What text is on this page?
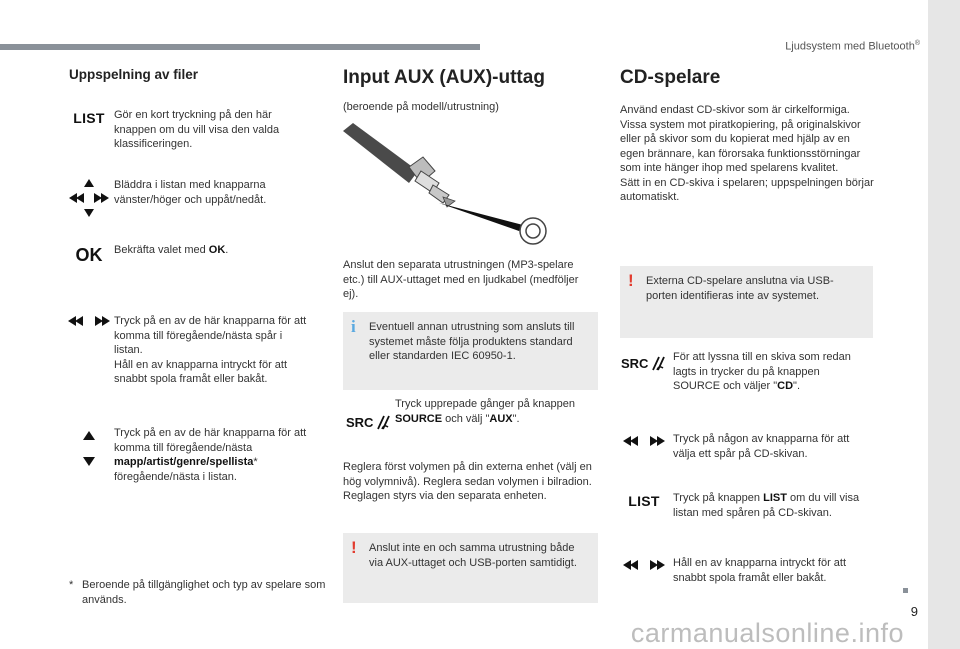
Ljudsystem med Bluetooth®
9
carmanualsonline.info
Uppspelning av filer
LIST Gör en kort tryckning på den här knappen om du vill visa den valda klassificeringen.
Bläddra i listan med knapparna vänster/höger och uppåt/nedåt.
OK Bekräfta valet med OK.
Tryck på en av de här knapparna för att komma till föregående/nästa spår i listan.
Håll en av knapparna intryckt för att snabbt spola framåt eller bakåt.
Tryck på en av de här knapparna för att komma till föregående/nästa
mapp/artist/genre/spellista*
föregående/nästa i listan.
* Beroende på tillgänglighet och typ av spelare som används.
Input AUX (AUX)-uttag
(beroende på modell/utrustning)
Anslut den separata utrustningen (MP3-spelare etc.) till AUX-uttaget med en ljudkabel (medföljer ej).
i Eventuell annan utrustning som ansluts till systemet måste följa produktens standard eller standarden IEC 60950-1.
SRC
Tryck upprepade gånger på knappen SOURCE och välj "AUX".
Reglera först volymen på din externa enhet (välj en hög volymnivå). Reglera sedan volymen i bilradion. Reglagen styrs via den separata enheten.
! Anslut inte en och samma utrustning både via AUX-uttaget och USB-porten samtidigt.
CD-spelare
Använd endast CD-skivor som är cirkelformiga. Vissa system mot piratkopiering, på originalskivor eller på skivor som du kopierat med hjälp av en egen brännare, kan förorsaka funktionsstörningar som inte hänger ihop med spelarens kvalitet.
Sätt in en CD-skiva i spelaren; uppspelningen börjar automatiskt.
! Externa CD-spelare anslutna via USB-porten identifieras inte av systemet.
SRC För att lyssna till en skiva som redan lagts in trycker du på knappen SOURCE och väljer "CD".
Tryck på någon av knapparna för att välja ett spår på CD-skivan.
LIST Tryck på knappen LIST om du vill visa listan med spåren på CD-skivan.
Håll en av knapparna intryckt för att snabbt spola framåt eller bakåt.
